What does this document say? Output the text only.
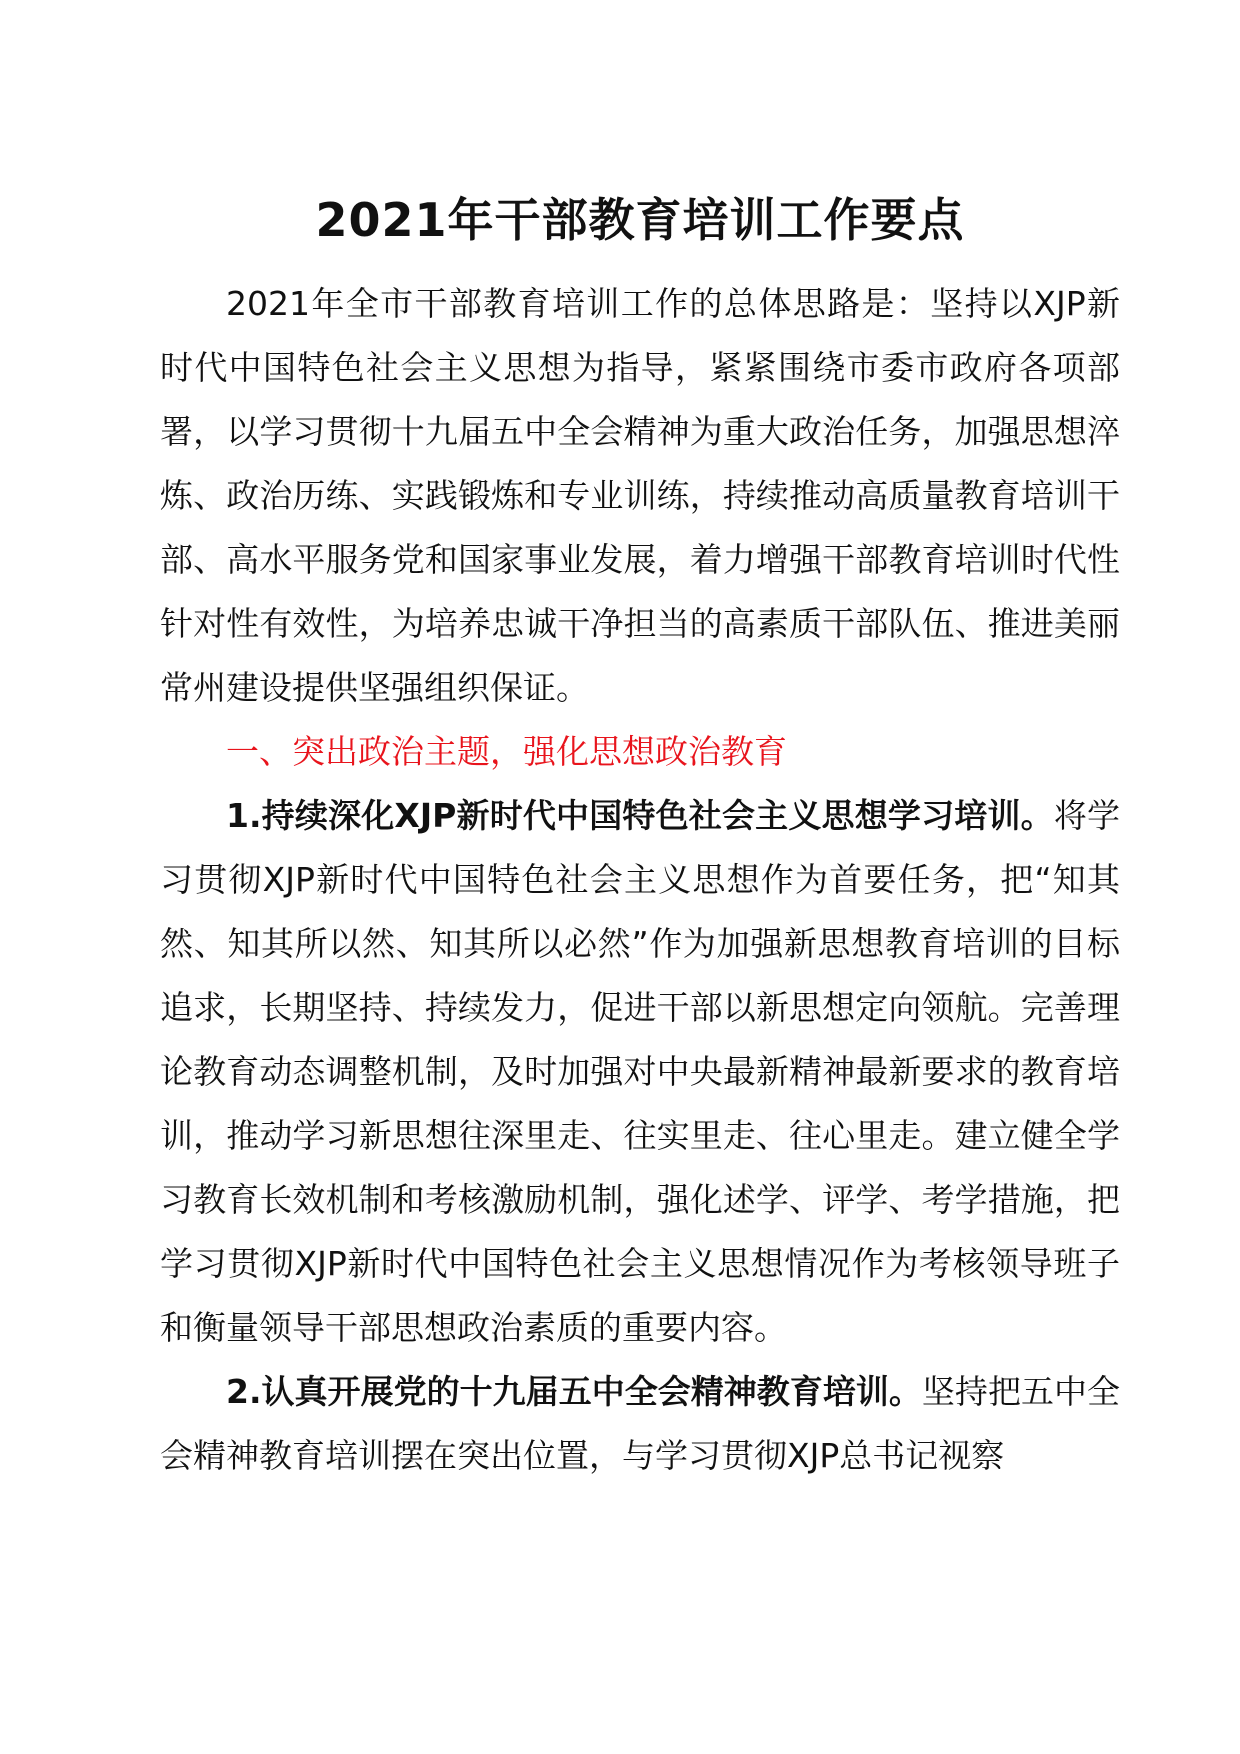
2021年干部教育培训工作要点

2021年全市干部教育培训工作的总体思路是：坚持以XJP新时代中国特色社会主义思想为指导，紧紧围绕市委市政府各项部署，以学习贯彻十九届五中全会精神为重大政治任务，加强思想淬炼、政治历练、实践锻炼和专业训练，持续推动高质量教育培训干部、高水平服务党和国家事业发展，着力增强干部教育培训时代性针对性有效性，为培养忠诚干净担当的高素质干部队伍、推进美丽常州建设提供坚强组织保证。

一、突出政治主题，强化思想政治教育

1.持续深化XJP新时代中国特色社会主义思想学习培训。将学习贯彻XJP新时代中国特色社会主义思想作为首要任务，把“知其然、知其所以然、知其所以必然”作为加强新思想教育培训的目标追求，长期坚持、持续发力，促进干部以新思想定向领航。完善理论教育动态调整机制，及时加强对中央最新精神最新要求的教育培训，推动学习新思想往深里走、往实里走、往心里走。建立健全学习教育长效机制和考核激励机制，强化述学、评学、考学措施，把学习贯彻XJP新时代中国特色社会主义思想情况作为考核领导班子和衡量领导干部思想政治素质的重要内容。

2.认真开展党的十九届五中全会精神教育培训。坚持把五中全会精神教育培训摆在突出位置，与学习贯彻XJP总书记视察
